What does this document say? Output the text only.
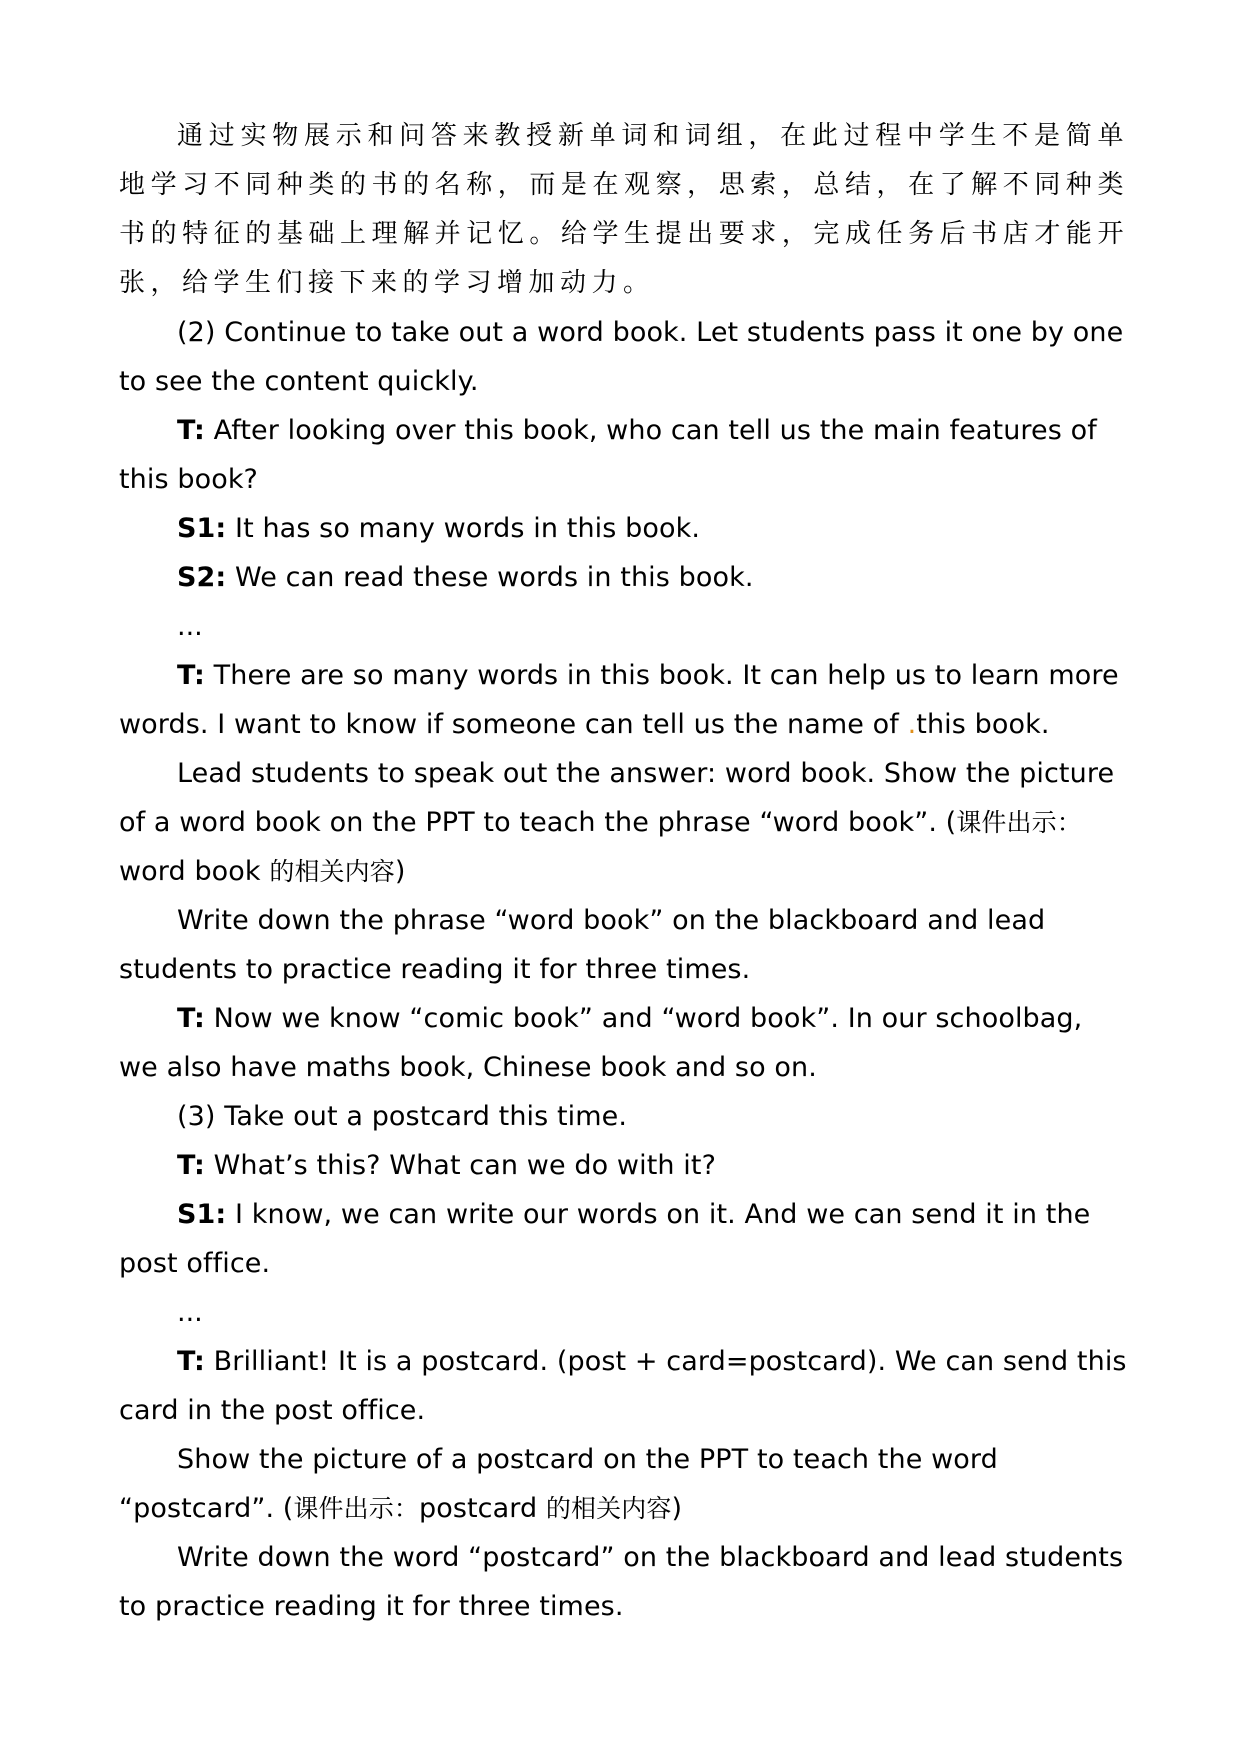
通过实物展示和问答来教授新单词和词组，在此过程中学生不是简单地学习不同种类的书的名称，而是在观察，思索，总结，在了解不同种类书的特征的基础上理解并记忆。给学生提出要求，完成任务后书店才能开张，给学生们接下来的学习增加动力。

(2) Continue to take out a word book. Let students pass it one by one to see the content quickly.

T: After looking over this book, who can tell us the main features of this book?

S1: It has so many words in this book.

S2: We can read these words in this book.

...

T: There are so many words in this book. It can help us to learn more words. I want to know if someone can tell us the name of .this book.

Lead students to speak out the answer: word book. Show the picture of a word book on the PPT to teach the phrase “word book”. (课件出示：word book 的相关内容)

Write down the phrase “word book” on the blackboard and lead students to practice reading it for three times.

T: Now we know “comic book” and “word book”. In our schoolbag, we also have maths book, Chinese book and so on.

(3) Take out a postcard this time.

T: What’s this? What can we do with it?

S1: I know, we can write our words on it. And we can send it in the post office.

...

T: Brilliant! It is a postcard. (post + card=postcard). We can send this card in the post office.

Show the picture of a postcard on the PPT to teach the word “postcard”. (课件出示：postcard 的相关内容)

Write down the word “postcard” on the blackboard and lead students to practice reading it for three times.
